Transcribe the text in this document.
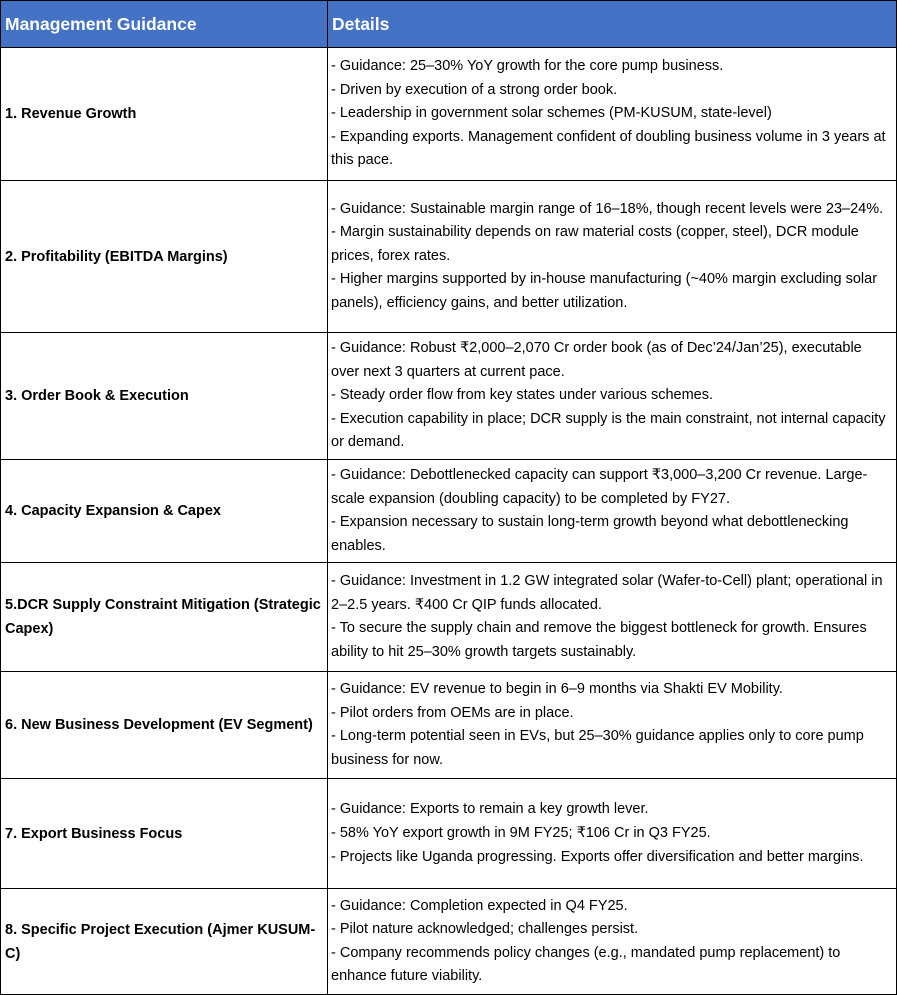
Management Guidance	Details
1. Revenue Growth	- Guidance: 25–30% YoY growth for the core pump business.
- Driven by execution of a strong order book.
- Leadership in government solar schemes (PM-KUSUM, state-level)
- Expanding exports. Management confident of doubling business volume in 3 years at this pace.

2. Profitability (EBITDA Margins)	- Guidance: Sustainable margin range of 16–18%, though recent levels were 23–24%.
- Margin sustainability depends on raw material costs (copper, steel), DCR module prices, forex rates.
- Higher margins supported by in-house manufacturing (~40% margin excluding solar panels), efficiency gains, and better utilization.

3. Order Book & Execution	- Guidance: Robust ₹2,000–2,070 Cr order book (as of Dec’24/Jan’25), executable over next 3 quarters at current pace.
- Steady order flow from key states under various schemes.
- Execution capability in place; DCR supply is the main constraint, not internal capacity or demand.

4. Capacity Expansion & Capex	- Guidance: Debottlenecked capacity can support ₹3,000–3,200 Cr revenue. Large-scale expansion (doubling capacity) to be completed by FY27.
- Expansion necessary to sustain long-term growth beyond what debottlenecking enables.

5.DCR Supply Constraint Mitigation (Strategic Capex)	- Guidance: Investment in 1.2 GW integrated solar (Wafer-to-Cell) plant; operational in 2–2.5 years. ₹400 Cr QIP funds allocated.
- To secure the supply chain and remove the biggest bottleneck for growth. Ensures ability to hit 25–30% growth targets sustainably.

6. New Business Development (EV Segment)	- Guidance: EV revenue to begin in 6–9 months via Shakti EV Mobility.
- Pilot orders from OEMs are in place.
- Long-term potential seen in EVs, but 25–30% guidance applies only to core pump business for now.

7. Export Business Focus	- Guidance: Exports to remain a key growth lever.
- 58% YoY export growth in 9M FY25; ₹106 Cr in Q3 FY25.
- Projects like Uganda progressing. Exports offer diversification and better margins.

8. Specific Project Execution (Ajmer KUSUM-C)	- Guidance: Completion expected in Q4 FY25.
- Pilot nature acknowledged; challenges persist.
- Company recommends policy changes (e.g., mandated pump replacement) to enhance future viability.
